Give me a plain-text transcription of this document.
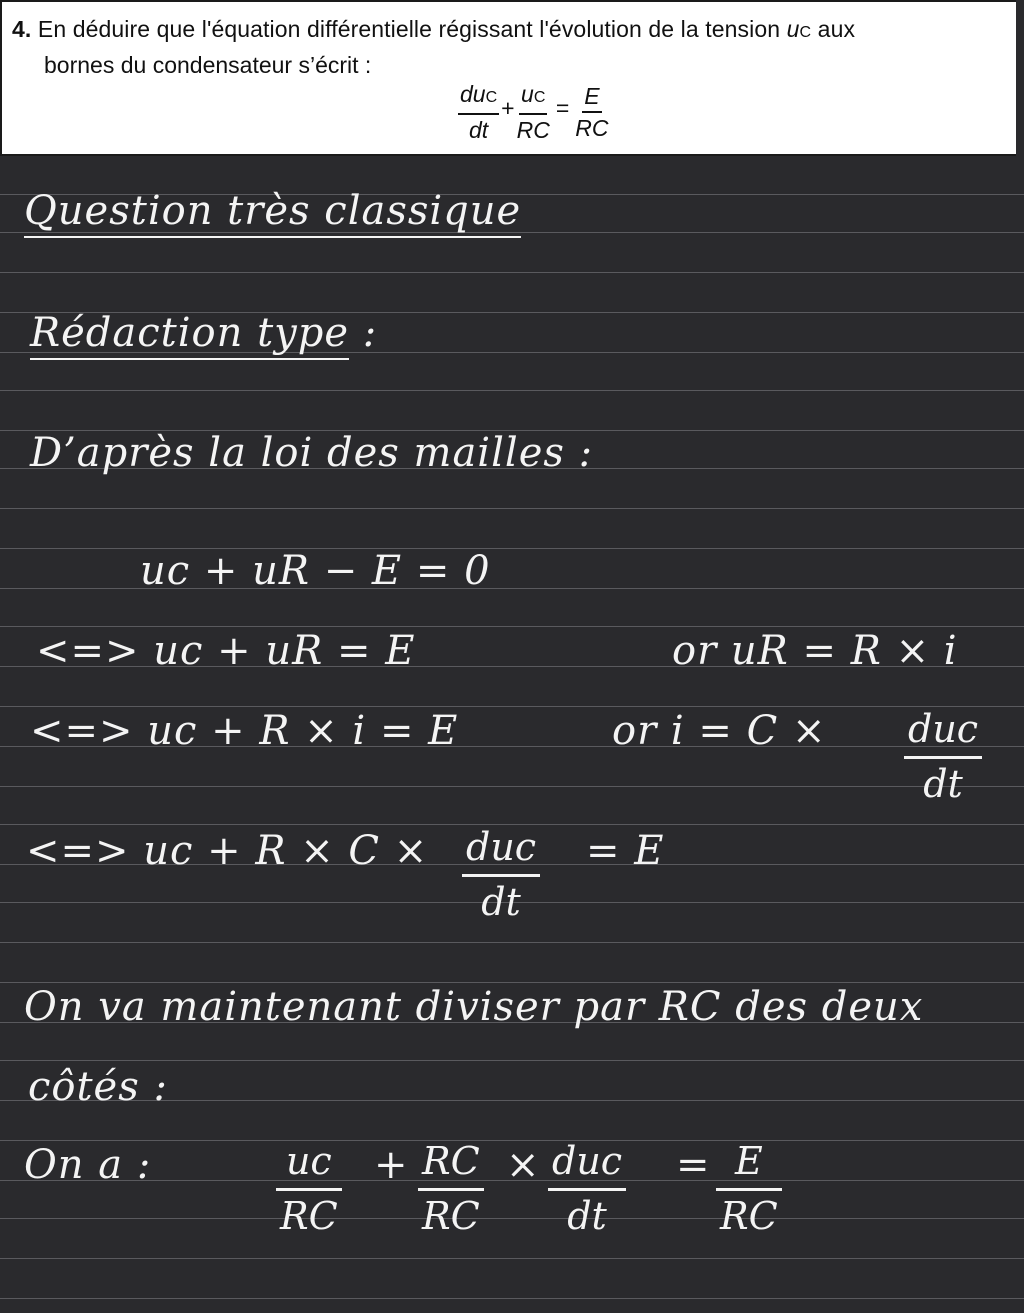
4. En déduire que l'équation différentielle régissant l'évolution de la tension uC aux
bornes du condensateur s’écrit :
$\frac{\text{duC}}{dt} + \frac{uC}{RC} = \frac{E}{RC}$
Question très classique
Rédaction type :
D’après la loi des mailles :
uc + uR − E = 0
<=> uc + uR = E	or uR = R × i
<=> uc + R × i = E	or i = C × duc
dt
<=> uc + R × C × duc
dt
= E
On va maintenant diviser par RC des deux
côtés :
On a :	uc
RC
+ RC
RC
× duc
dt
= E
RC
